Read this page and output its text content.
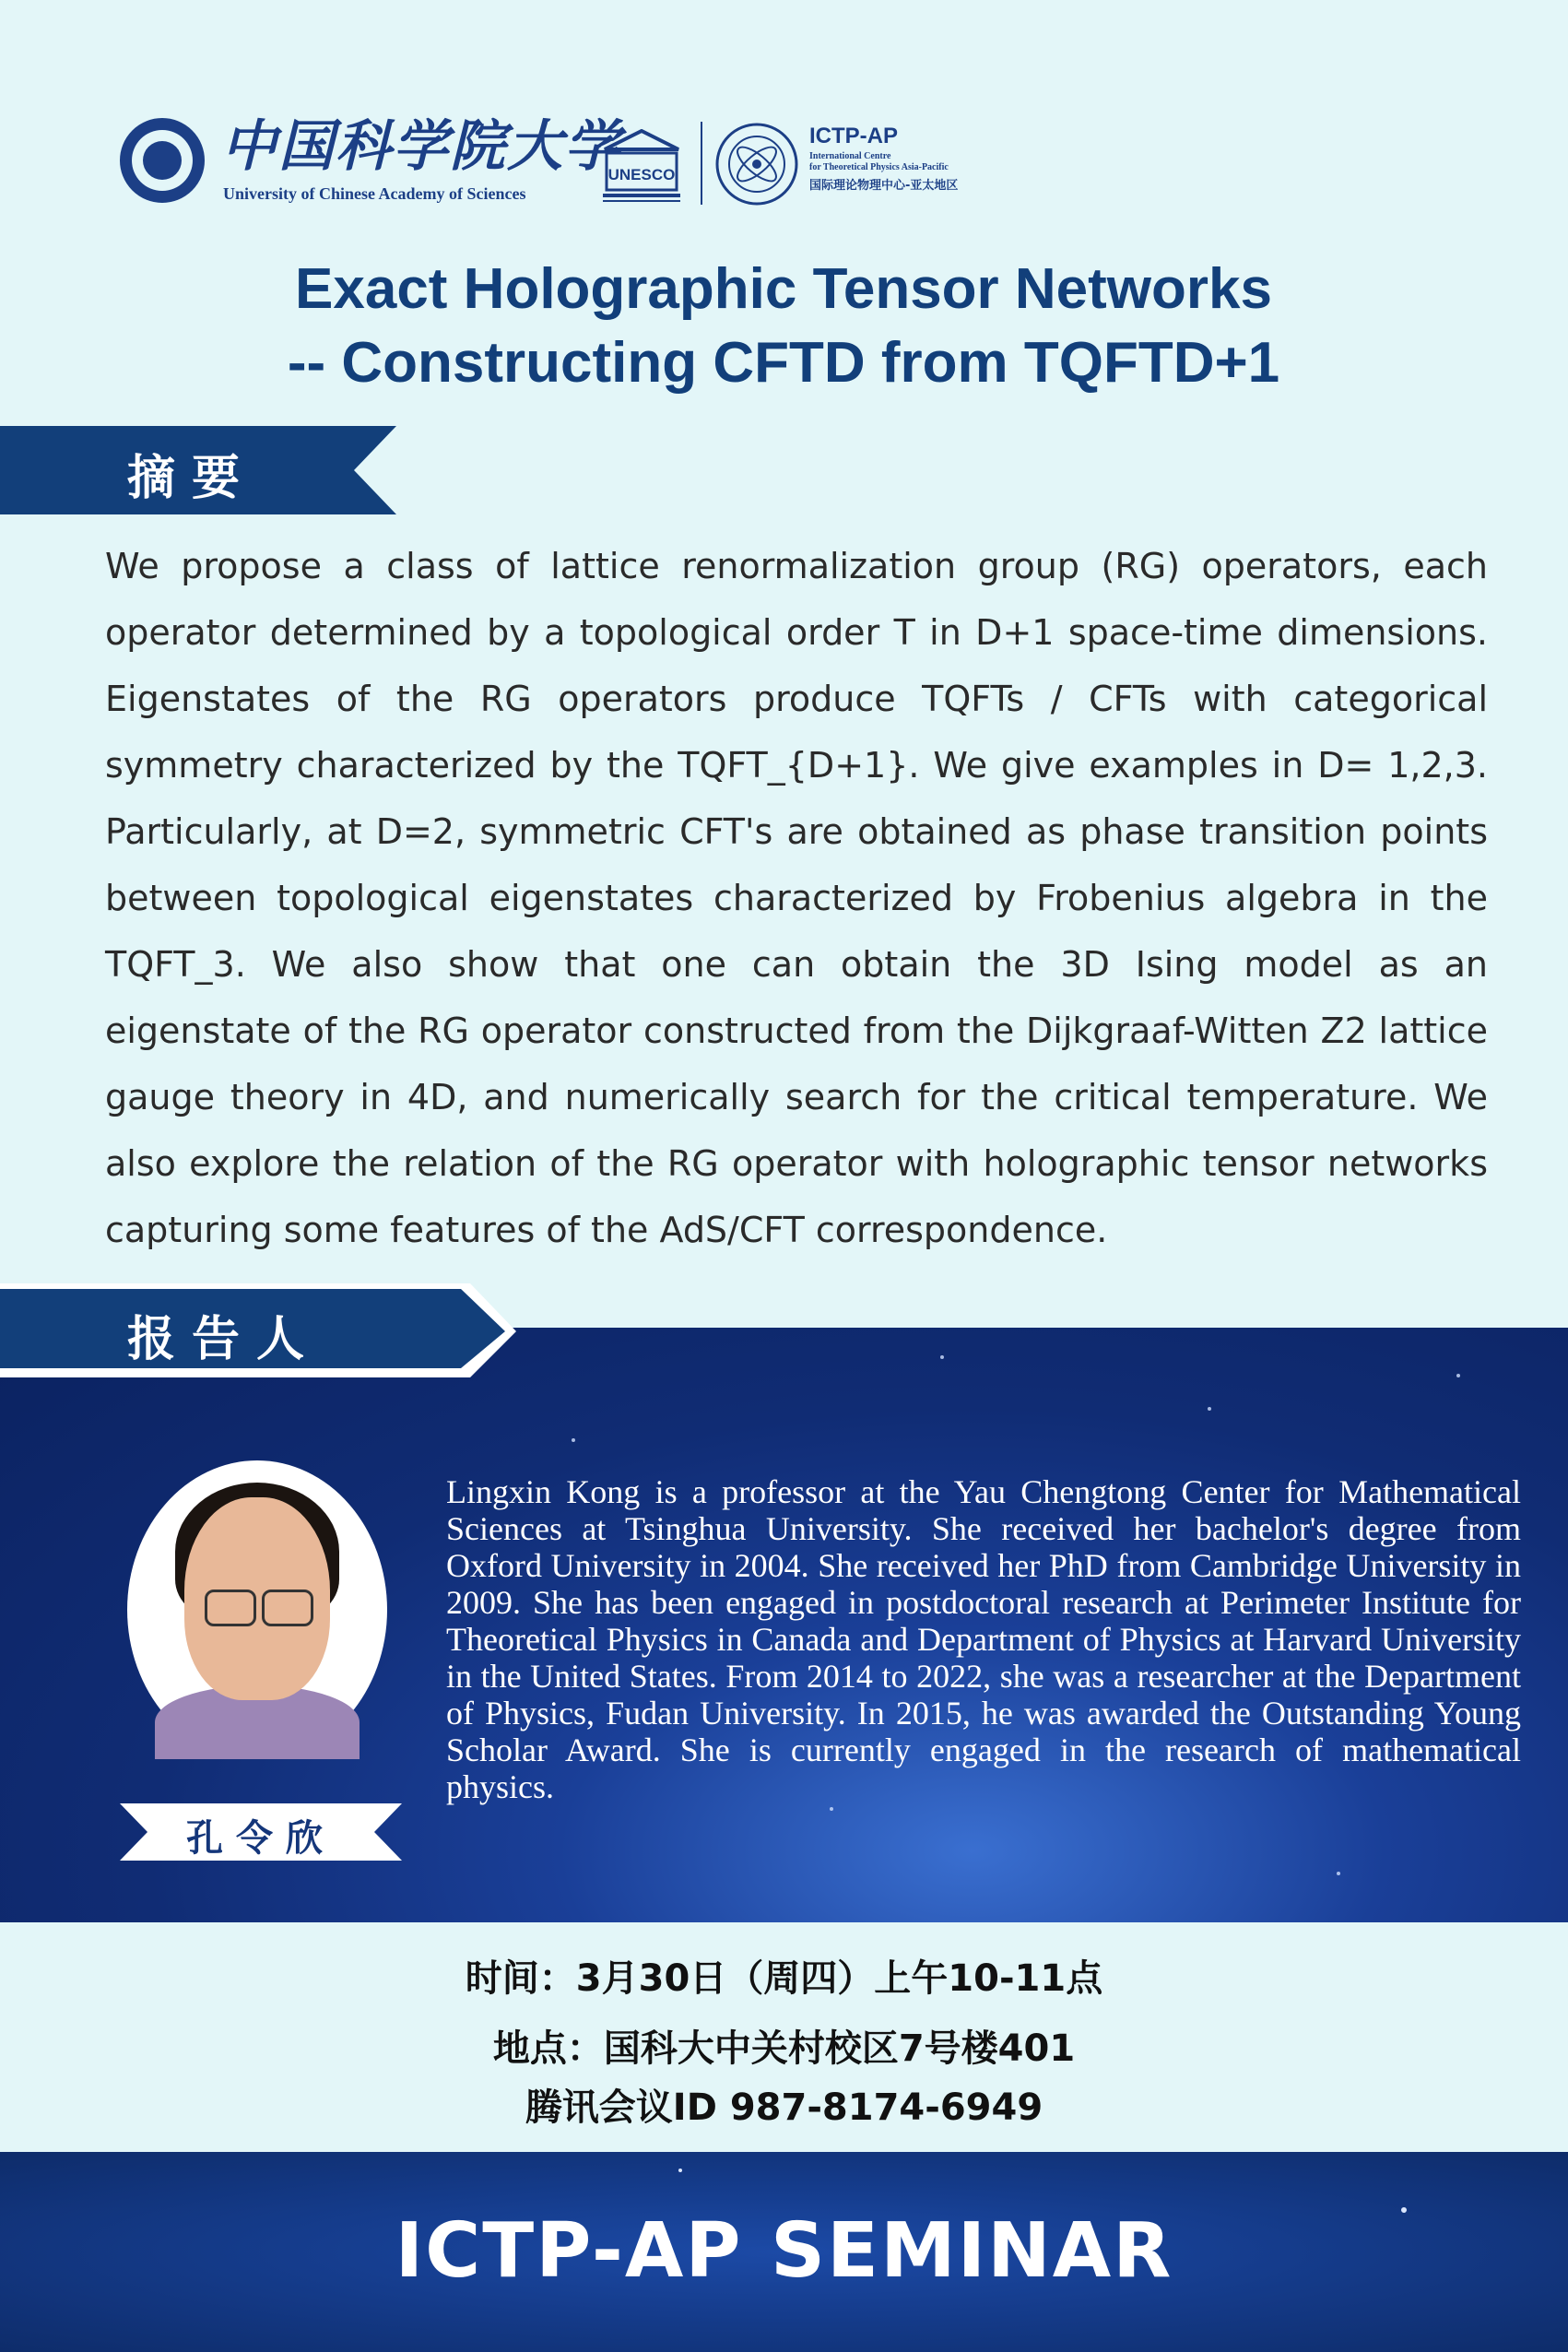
中国科学院大学
University of Chinese Academy of Sciences
UNESCO
ICTP-AP
International Centre
for Theoretical Physics Asia-Pacific
国际理论物理中心-亚太地区
Exact Holographic Tensor Networks
-- Constructing CFTD from TQFTD+1
摘要
We propose a class of lattice renormalization group (RG) operators, each operator determined by a topological order T in D+1 space-time dimensions. Eigenstates of the RG operators produce TQFTs / CFTs with categorical symmetry characterized by the TQFT_{D+1}. We give examples in D= 1,2,3. Particularly, at D=2, symmetric CFT's are obtained as phase transition points between topological eigenstates characterized by Frobenius algebra in the TQFT_3. We also show that one can obtain the 3D Ising model as an eigenstate of the RG operator constructed from the Dijkgraaf-Witten Z2 lattice gauge theory in 4D, and numerically search for the critical temperature. We also explore the relation of the RG operator with holographic tensor networks capturing some features of the AdS/CFT correspondence.
报告人
孔令欣
Lingxin Kong is a professor at the Yau Chengtong Center for Mathematical Sciences at Tsinghua University. She received her bachelor's degree from Oxford University in 2004. She received her PhD from Cambridge University in 2009. She has been engaged in postdoctoral research at Perimeter Institute for Theoretical Physics in Canada and Department of Physics at Harvard University in the United States. From 2014 to 2022, she was a researcher at the Department of Physics, Fudan University. In 2015, he was awarded the Outstanding Young Scholar Award. She is currently engaged in the research of mathematical physics.
时间：3月30日（周四）上午10-11点
地点：国科大中关村校区7号楼401
腾讯会议ID 987-8174-6949
ICTP-AP SEMINAR
